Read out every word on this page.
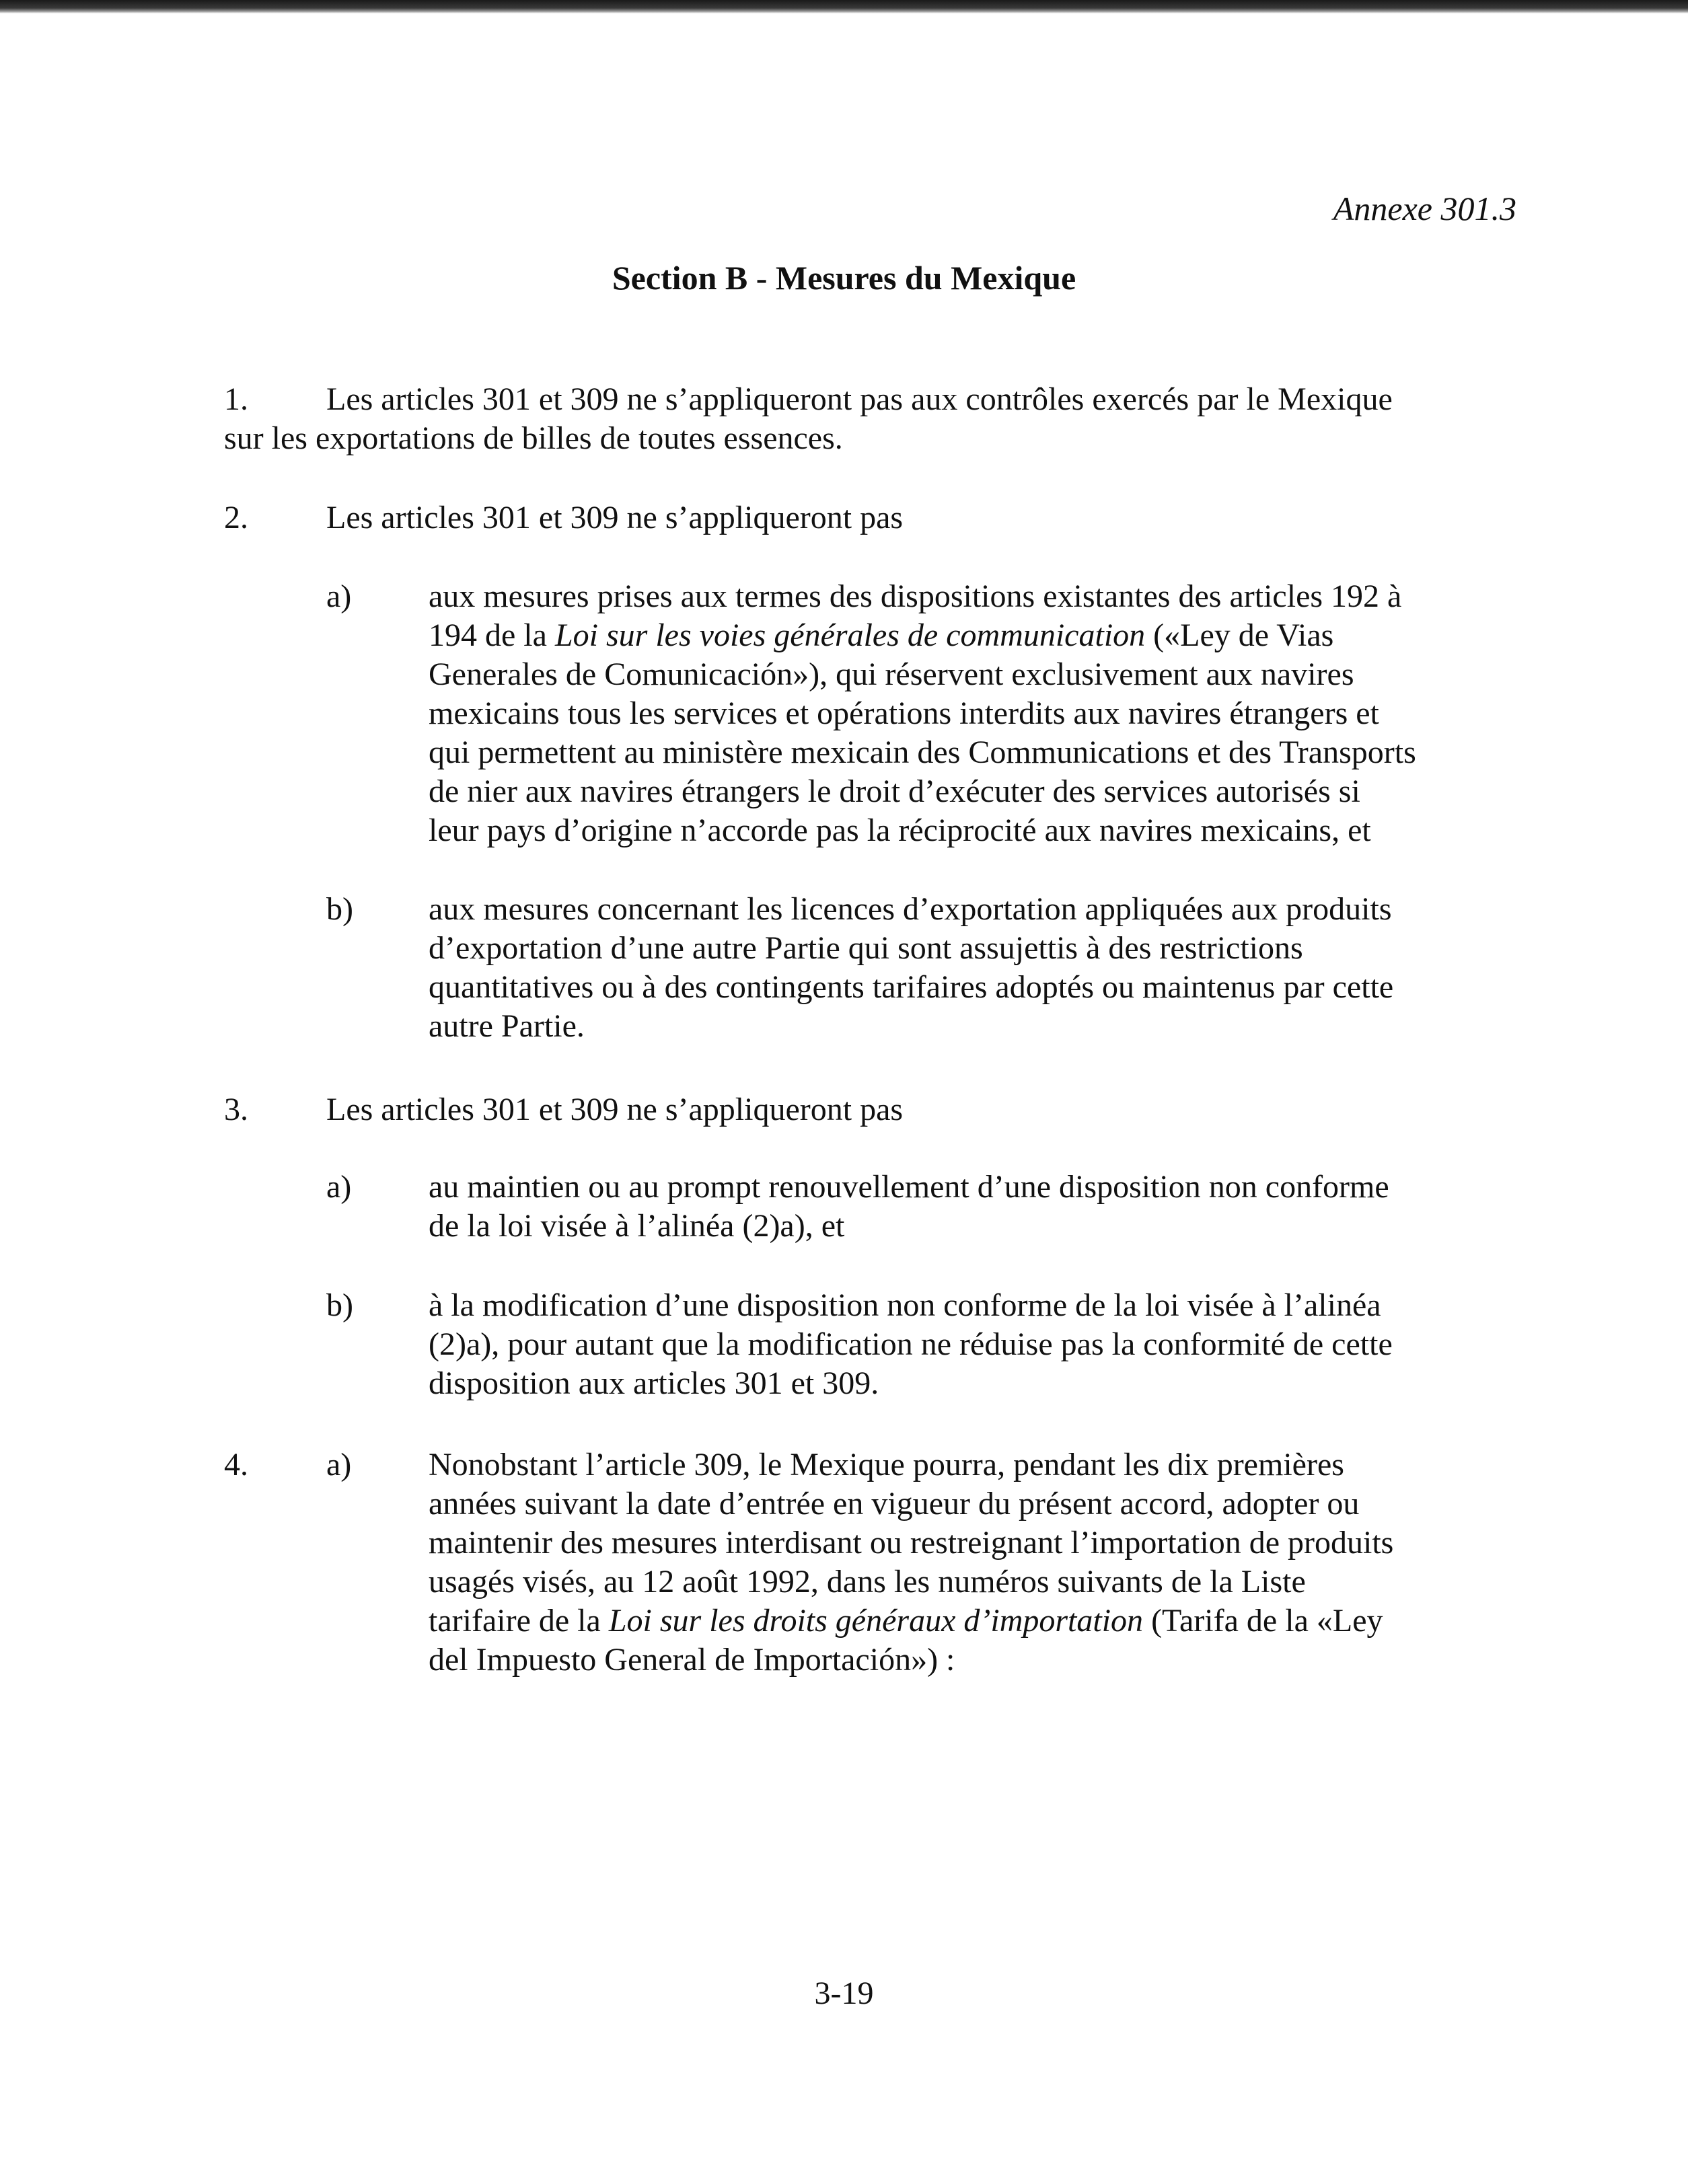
Annexe 301.3
Section B - Mesures du Mexique
1.	Les articles 301 et 309 ne s’appliqueront pas aux contrôles exercés par le Mexique
sur les exportations de billes de toutes essences.
2. Les articles 301 et 309 ne s’appliqueront pas
a) aux mesures prises aux termes des dispositions existantes des articles 192 à
194 de la Loi sur les voies générales de communication («Ley de Vias
Generales de Comunicación»), qui réservent exclusivement aux navires
mexicains tous les services et opérations interdits aux navires étrangers et
qui permettent au ministère mexicain des Communications et des Transports
de nier aux navires étrangers le droit d’exécuter des services autorisés si
leur pays d’origine n’accorde pas la réciprocité aux navires mexicains, et
b) aux mesures concernant les licences d’exportation appliquées aux produits
d’exportation d’une autre Partie qui sont assujettis à des restrictions
quantitatives ou à des contingents tarifaires adoptés ou maintenus par cette
autre Partie.
3. Les articles 301 et 309 ne s’appliqueront pas
a) au maintien ou au prompt renouvellement d’une disposition non conforme
de la loi visée à l’alinéa (2)a), et
b) à la modification d’une disposition non conforme de la loi visée à l’alinéa
(2)a), pour autant que la modification ne réduise pas la conformité de cette
disposition aux articles 301 et 309.
4. a) Nonobstant l’article 309, le Mexique pourra, pendant les dix premières
années suivant la date d’entrée en vigueur du présent accord, adopter ou
maintenir des mesures interdisant ou restreignant l’importation de produits
usagés visés, au 12 août 1992, dans les numéros suivants de la Liste
tarifaire de la Loi sur les droits généraux d’importation (Tarifa de la «Ley
del Impuesto General de Importación») :
3-19
